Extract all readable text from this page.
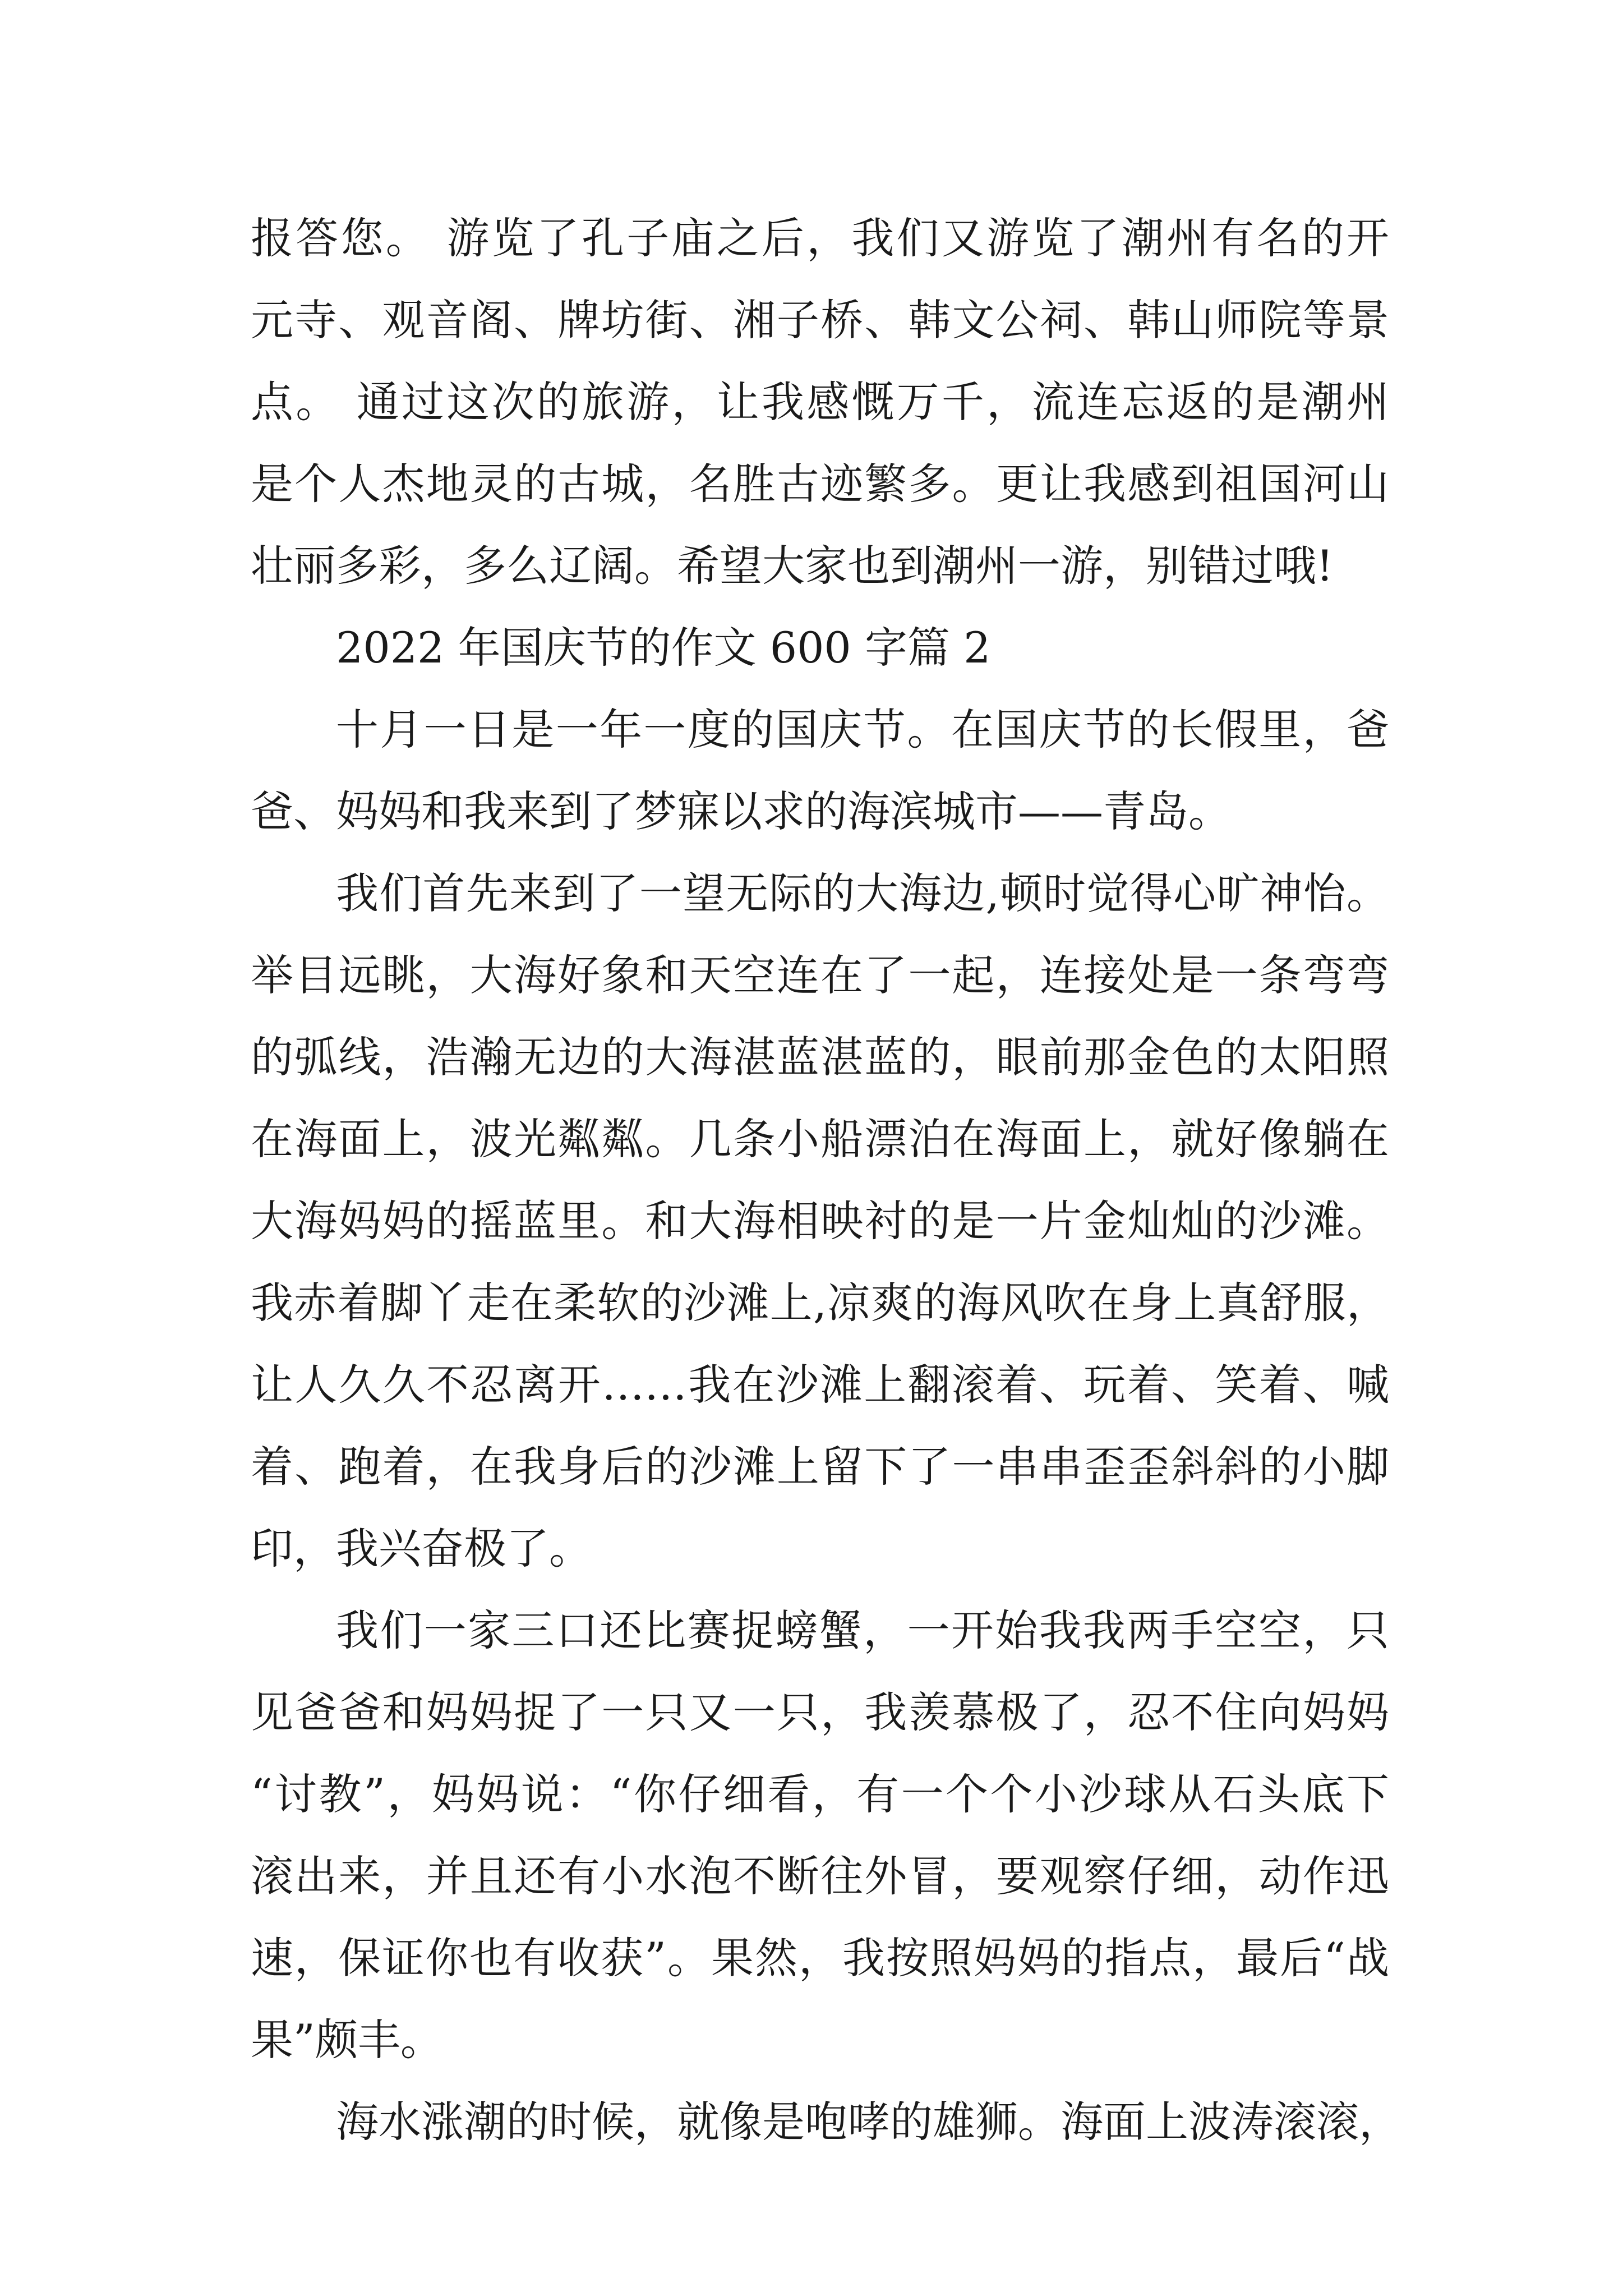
报答您。 游览了孔子庙之后，我们又游览了潮州有名的开
元寺、观音阁、牌坊街、湘子桥、韩文公祠、韩山师院等景
点。 通过这次的旅游，让我感慨万千，流连忘返的是潮州
是个人杰地灵的古城，名胜古迹繁多。更让我感到祖国河山
壮丽多彩，多么辽阔。希望大家也到潮州一游，别错过哦!
2022 年国庆节的作文 600 字篇 2
十月一日是一年一度的国庆节。在国庆节的长假里，爸
爸、妈妈和我来到了梦寐以求的海滨城市——青岛。
我们首先来到了一望无际的大海边,顿时觉得心旷神怡。
举目远眺，大海好象和天空连在了一起，连接处是一条弯弯
的弧线，浩瀚无边的大海湛蓝湛蓝的，眼前那金色的太阳照
在海面上，波光粼粼。几条小船漂泊在海面上，就好像躺在
大海妈妈的摇蓝里。和大海相映衬的是一片金灿灿的沙滩。
我赤着脚丫走在柔软的沙滩上,凉爽的海风吹在身上真舒服，
让人久久不忍离开……我在沙滩上翻滚着、玩着、笑着、喊
着、跑着，在我身后的沙滩上留下了一串串歪歪斜斜的小脚
印，我兴奋极了。
我们一家三口还比赛捉螃蟹，一开始我我两手空空，只
见爸爸和妈妈捉了一只又一只，我羡慕极了，忍不住向妈妈
“讨教”，妈妈说：“你仔细看，有一个个小沙球从石头底下
滚出来，并且还有小水泡不断往外冒，要观察仔细，动作迅
速，保证你也有收获”。果然，我按照妈妈的指点，最后“战
果”颇丰。
海水涨潮的时候，就像是咆哮的雄狮。海面上波涛滚滚，
